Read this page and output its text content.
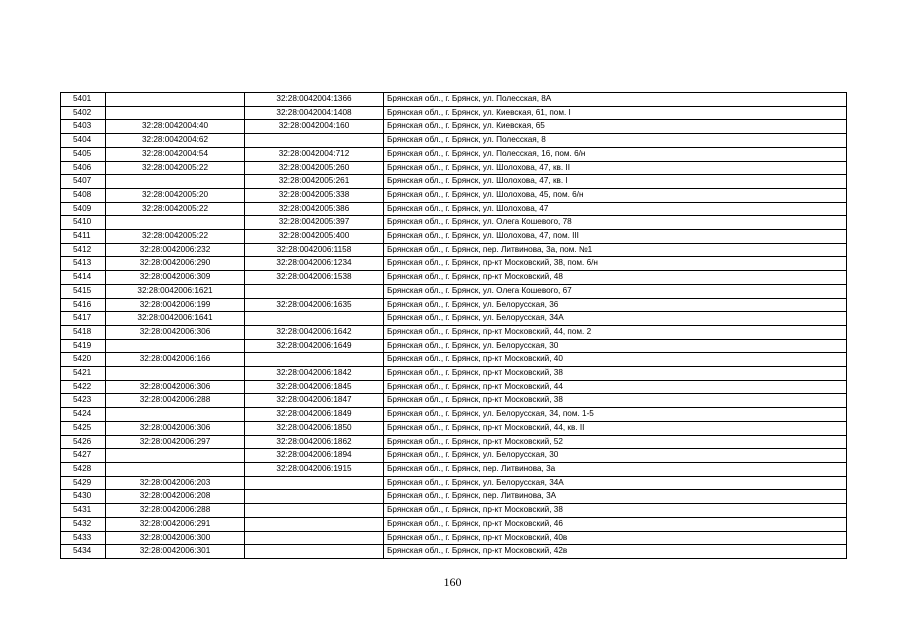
5401		32:28:0042004:1366	Брянская обл., г. Брянск, ул. Полесская, 8А
5402		32:28:0042004:1408	Брянская обл., г. Брянск, ул. Киевская, 61, пом. I
5403	32:28:0042004:40	32:28:0042004:160	Брянская обл., г. Брянск, ул. Киевская, 65
5404	32:28:0042004:62		Брянская обл., г. Брянск, ул. Полесская, 8
5405	32:28:0042004:54	32:28:0042004:712	Брянская обл., г. Брянск, ул. Полесская, 16, пом. 6/н
5406	32:28:0042005:22	32:28:0042005:260	Брянская обл., г. Брянск, ул. Шолохова, 47, кв. II
5407		32:28:0042005:261	Брянская обл., г. Брянск, ул. Шолохова, 47, кв. I
5408	32:28:0042005:20	32:28:0042005:338	Брянская обл., г. Брянск, ул. Шолохова, 45, пом. 6/н
5409	32:28:0042005:22	32:28:0042005:386	Брянская обл., г. Брянск, ул. Шолохова, 47
5410		32:28:0042005:397	Брянская обл., г. Брянск, ул. Олега Кошевого, 78
5411	32:28:0042005:22	32:28:0042005:400	Брянская обл., г. Брянск, ул. Шолохова, 47, пом. III
5412	32:28:0042006:232	32:28:0042006:1158	Брянская обл., г. Брянск, пер. Литвинова, 3а, пом. №1
5413	32:28:0042006:290	32:28:0042006:1234	Брянская обл., г. Брянск, пр-кт Московский, 38, пом. 6/н
5414	32:28:0042006:309	32:28:0042006:1538	Брянская обл., г. Брянск, пр-кт Московский, 48
5415	32:28:0042006:1621		Брянская обл., г. Брянск, ул. Олега Кошевого, 67
5416	32:28:0042006:199	32:28:0042006:1635	Брянская обл., г. Брянск, ул. Белорусская, 36
5417	32:28:0042006:1641		Брянская обл., г. Брянск, ул. Белорусская, 34А
5418	32:28:0042006:306	32:28:0042006:1642	Брянская обл., г. Брянск, пр-кт Московский, 44, пом. 2
5419		32:28:0042006:1649	Брянская обл., г. Брянск, ул. Белорусская, 30
5420	32:28:0042006:166		Брянская обл., г. Брянск, пр-кт Московский, 40
5421		32:28:0042006:1842	Брянская обл., г. Брянск, пр-кт Московский, 38
5422	32:28:0042006:306	32:28:0042006:1845	Брянская обл., г. Брянск, пр-кт Московский, 44
5423	32:28:0042006:288	32:28:0042006:1847	Брянская обл., г. Брянск, пр-кт Московский, 38
5424		32:28:0042006:1849	Брянская обл., г. Брянск, ул. Белорусская, 34, пом. 1-5
5425	32:28:0042006:306	32:28:0042006:1850	Брянская обл., г. Брянск, пр-кт Московский, 44, кв. II
5426	32:28:0042006:297	32:28:0042006:1862	Брянская обл., г. Брянск, пр-кт Московский, 52
5427		32:28:0042006:1894	Брянская обл., г. Брянск, ул. Белорусская, 30
5428		32:28:0042006:1915	Брянская обл., г. Брянск, пер. Литвинова, 3а
5429	32:28:0042006:203		Брянская обл., г. Брянск, ул. Белорусская, 34А
5430	32:28:0042006:208		Брянская обл., г. Брянск, пер. Литвинова, 3А
5431	32:28:0042006:288		Брянская обл., г. Брянск, пр-кт Московский, 38
5432	32:28:0042006:291		Брянская обл., г. Брянск, пр-кт Московский, 46
5433	32:28:0042006:300		Брянская обл., г. Брянск, пр-кт Московский, 40в
5434	32:28:0042006:301		Брянская обл., г. Брянск, пр-кт Московский, 42в
160
